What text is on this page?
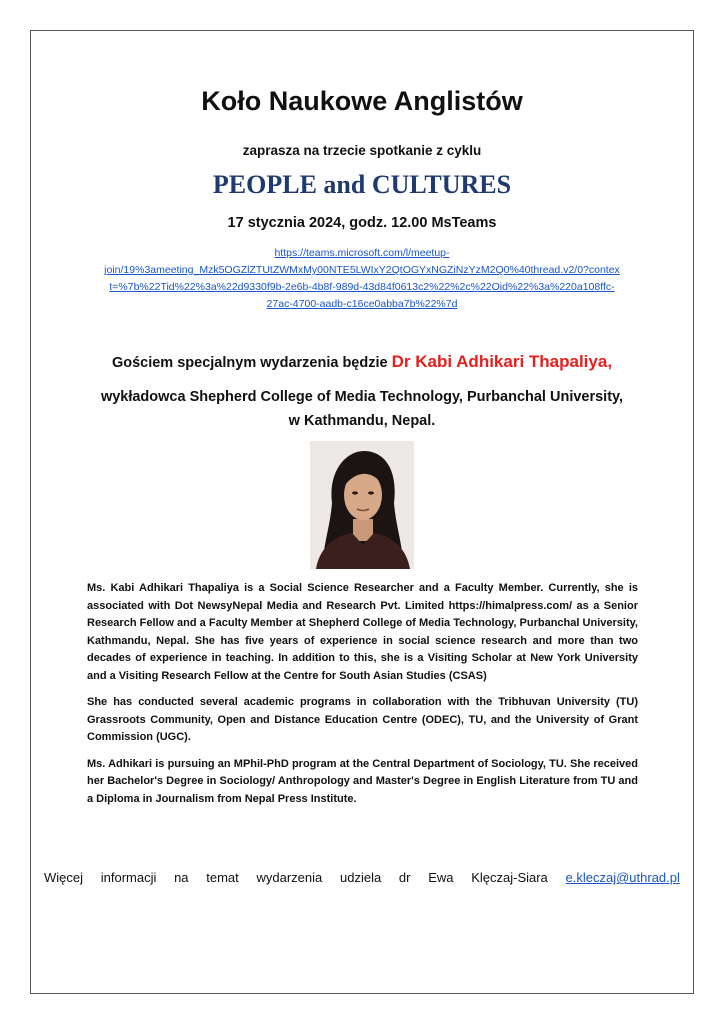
Koło Naukowe Anglistów
zaprasza na trzecie spotkanie z cyklu
PEOPLE and CULTURES
17 stycznia 2024, godz. 12.00 MsTeams
https://teams.microsoft.com/l/meetup-
join/19%3ameeting_Mzk5OGZlZTUtZWMxMy00NTE5LWIxY2QtOGYxNGZiNzYzM2Q0%40thread.v2/0?contex
t=%7b%22Tid%22%3a%22d9330f9b-2e6b-4b8f-989d-43d84f0613c2%22%2c%22Oid%22%3a%220a108ffc-
27ac-4700-aadb-c16ce0abba7b%22%7d
Gościem specjalnym wydarzenia będzie Dr Kabi Adhikari Thapaliya,
wykładowca Shepherd College of Media Technology, Purbanchal University,
w Kathmandu, Nepal.

Ms. Kabi Adhikari Thapaliya is a Social Science Researcher and a Faculty Member. Currently, she is associated with Dot NewsyNepal Media and Research Pvt. Limited https://himalpress.com/ as a Senior Research Fellow and a Faculty Member at Shepherd College of Media Technology, Purbanchal University, Kathmandu, Nepal. She has five years of experience in social science research and more than two decades of experience in teaching. In addition to this, she is a Visiting Scholar at New York University and a Visiting Research Fellow at the Centre for South Asian Studies (CSAS)

She has conducted several academic programs in collaboration with the Tribhuvan University (TU) Grassroots Community, Open and Distance Education Centre (ODEC), TU, and the University of Grant Commission (UGC).

Ms. Adhikari is pursuing an MPhil-PhD program at the Central Department of Sociology, TU. She received her Bachelor's Degree in Sociology/ Anthropology and Master's Degree in English Literature from TU and a Diploma in Journalism from Nepal Press Institute.

Więcej informacji na temat wydarzenia udziela dr Ewa Klęczaj-Siara e.kleczaj@uthrad.pl
